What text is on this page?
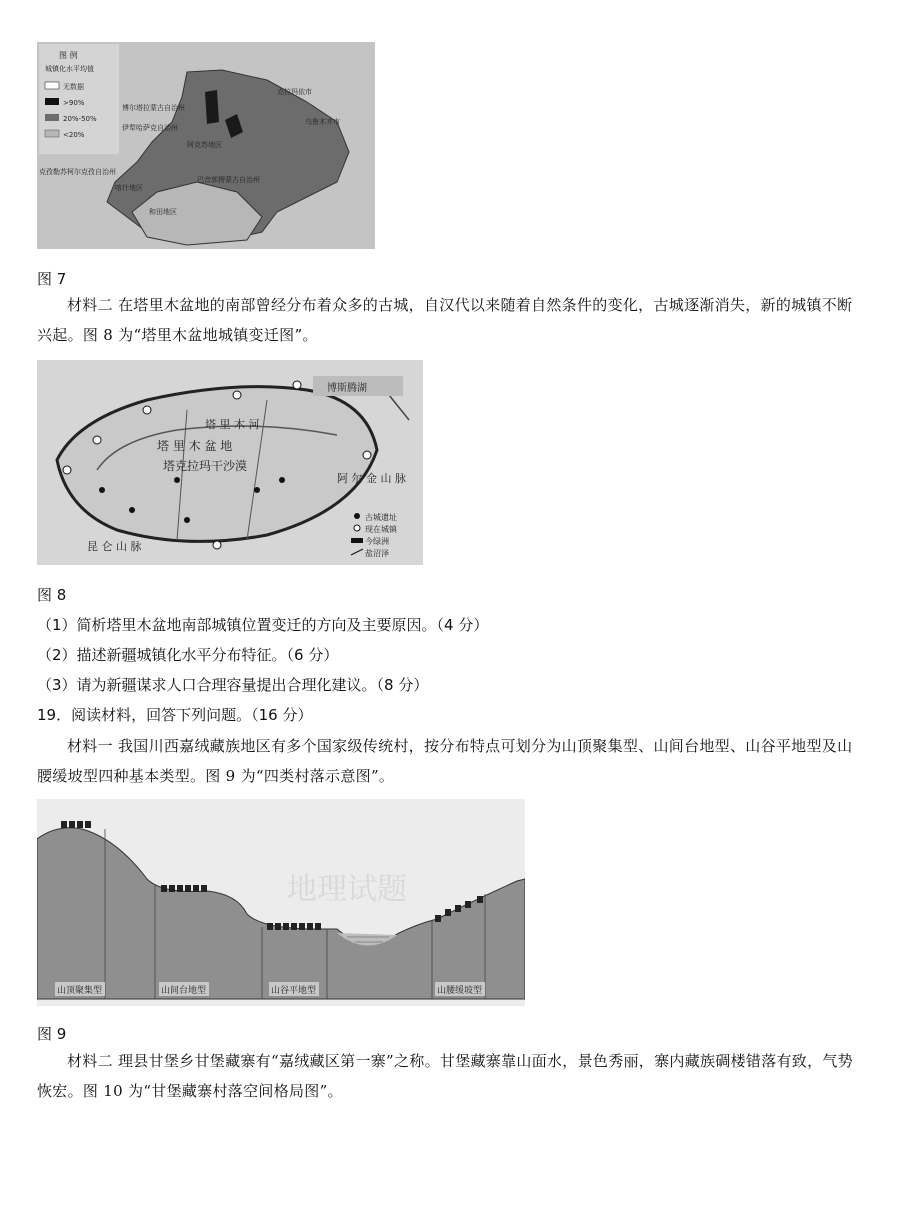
图 例
城镇化水平均值
无数据
>90%
20%-50%
<20%
克拉玛依市
博尔塔拉蒙古自治州
伊犁哈萨克自治州
乌鲁木齐市
阿克苏地区
巴音郭楞蒙古自治州
克孜勒苏柯尔克孜自治州
喀什地区
和田地区
图 7
材料二 在塔里木盆地的南部曾经分布着众多的古城，自汉代以来随着自然条件的变化，古城逐渐消失，新的城镇不断兴起。图 8 为“塔里木盆地城镇变迁图”。
博斯腾湖
塔 里 木 河
塔 里 木 盆 地
塔克拉玛干沙漠
阿 尔 金 山 脉
昆 仑 山 脉
古城遗址
现在城镇
今绿洲
盐沼泽
图 8
（1）简析塔里木盆地南部城镇位置变迁的方向及主要原因。（4 分）
（2）描述新疆城镇化水平分布特征。（6 分）
（3）请为新疆谋求人口合理容量提出合理化建议。（8 分）
19．阅读材料，回答下列问题。（16 分）
材料一 我国川西嘉绒藏族地区有多个国家级传统村，按分布特点可划分为山顶聚集型、山间台地型、山谷平地型及山腰缓坡型四种基本类型。图 9 为“四类村落示意图”。
地理试题
山顶聚集型	山间台地型	山谷平地型	山腰缓坡型
图 9
材料二 理县甘堡乡甘堡藏寨有“嘉绒藏区第一寨”之称。甘堡藏寨靠山面水，景色秀丽，寨内藏族碉楼错落有致，气势恢宏。图 10 为“甘堡藏寨村落空间格局图”。
